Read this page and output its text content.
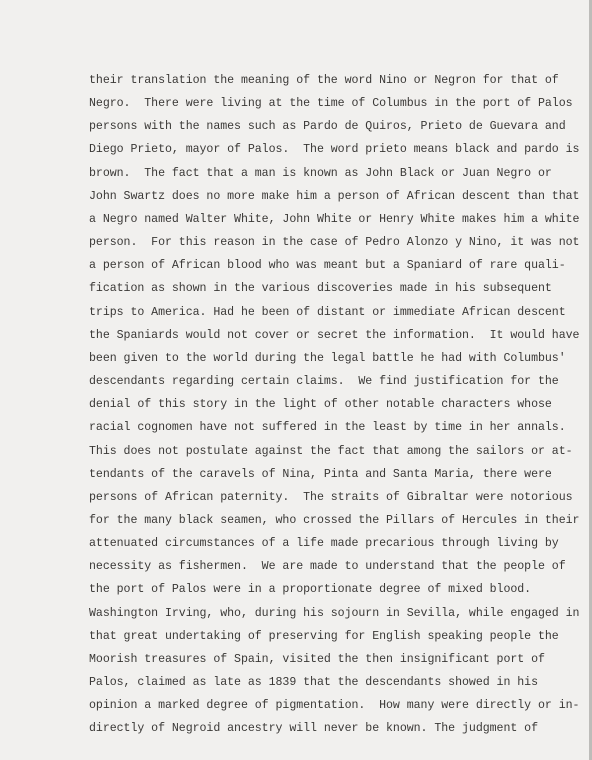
their translation the meaning of the word Nino or Negron for that of
Negro.  There were living at the time of Columbus in the port of Palos
persons with the names such as Pardo de Quiros, Prieto de Guevara and
Diego Prieto, mayor of Palos.  The word prieto means black and pardo is
brown.  The fact that a man is known as John Black or Juan Negro or
John Swartz does no more make him a person of African descent than that
a Negro named Walter White, John White or Henry White makes him a white
person.  For this reason in the case of Pedro Alonzo y Nino, it was not
a person of African blood who was meant but a Spaniard of rare quali-
fication as shown in the various discoveries made in his subsequent
trips to America. Had he been of distant or immediate African descent
the Spaniards would not cover or secret the information.  It would have
been given to the world during the legal battle he had with Columbus'
descendants regarding certain claims.  We find justification for the
denial of this story in the light of other notable characters whose
racial cognomen have not suffered in the least by time in her annals.
This does not postulate against the fact that among the sailors or at-
tendants of the caravels of Nina, Pinta and Santa Maria, there were
persons of African paternity.  The straits of Gibraltar were notorious
for the many black seamen, who crossed the Pillars of Hercules in their
attenuated circumstances of a life made precarious through living by
necessity as fishermen.  We are made to understand that the people of
the port of Palos were in a proportionate degree of mixed blood.
Washington Irving, who, during his sojourn in Sevilla, while engaged in
that great undertaking of preserving for English speaking people the
Moorish treasures of Spain, visited the then insignificant port of
Palos, claimed as late as 1839 that the descendants showed in his
opinion a marked degree of pigmentation.  How many were directly or in-
directly of Negroid ancestry will never be known. The judgment of
